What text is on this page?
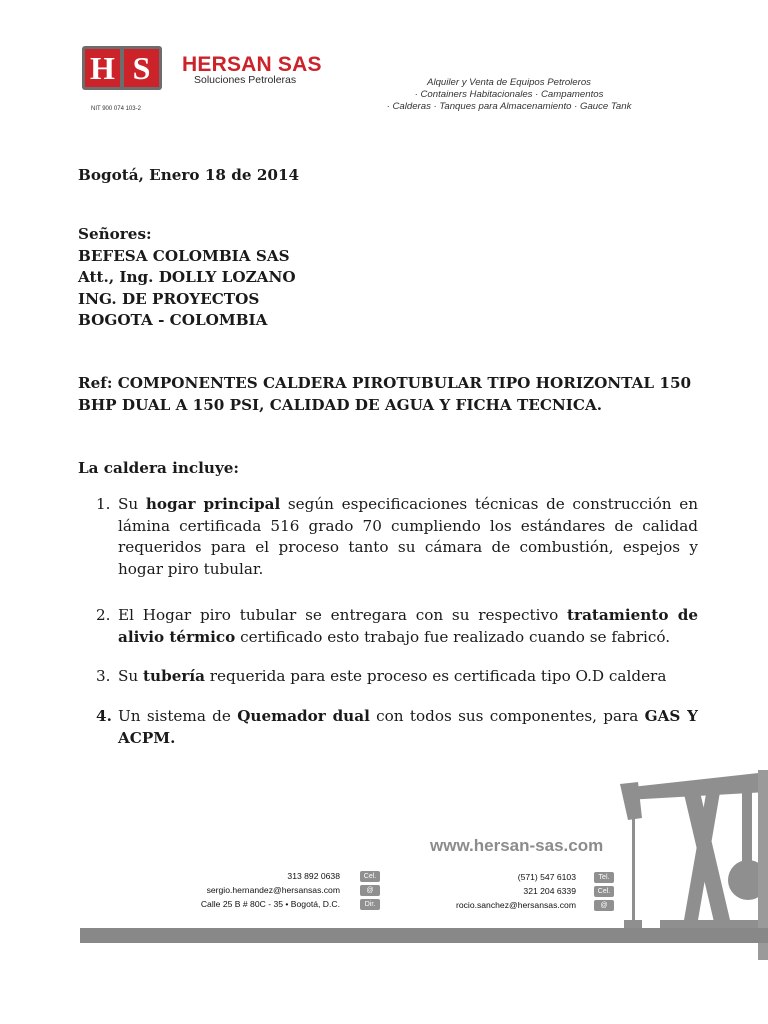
H S HERSAN SAS
Soluciones Petroleras
NIT 900 074 103-2
Alquiler y Venta de Equipos Petroleros
· Containers Habitacionales · Campamentos
· Calderas · Tanques para Almacenamiento · Gauce Tank
Bogotá, Enero 18 de 2014
Señores:
BEFESA COLOMBIA SAS
Att., Ing. DOLLY LOZANO
ING. DE PROYECTOS
BOGOTA - COLOMBIA
Ref: COMPONENTES CALDERA PIROTUBULAR TIPO HORIZONTAL 150 BHP DUAL A 150 PSI, CALIDAD DE AGUA Y FICHA TECNICA.
La caldera incluye:
1. Su hogar principal según especificaciones técnicas de construcción en lámina certificada 516 grado 70 cumpliendo los estándares de calidad requeridos para el proceso tanto su cámara de combustión, espejos y hogar piro tubular.
2. El Hogar piro tubular se entregara con su respectivo tratamiento de alivio térmico certificado esto trabajo fue realizado cuando se fabricó.
3. Su tubería requerida para este proceso es certificada tipo O.D caldera
4. Un sistema de Quemador dual con todos sus componentes, para GAS Y ACPM.
www.hersan-sas.com
313 892 0638
sergio.hernandez@hersansas.com
Calle 25 B # 80C - 35 • Bogotá, D.C.
Cel.
@
Dir.
(571) 547 6103
321 204 6339
rocio.sanchez@hersansas.com
Tel.
Cel.
@
